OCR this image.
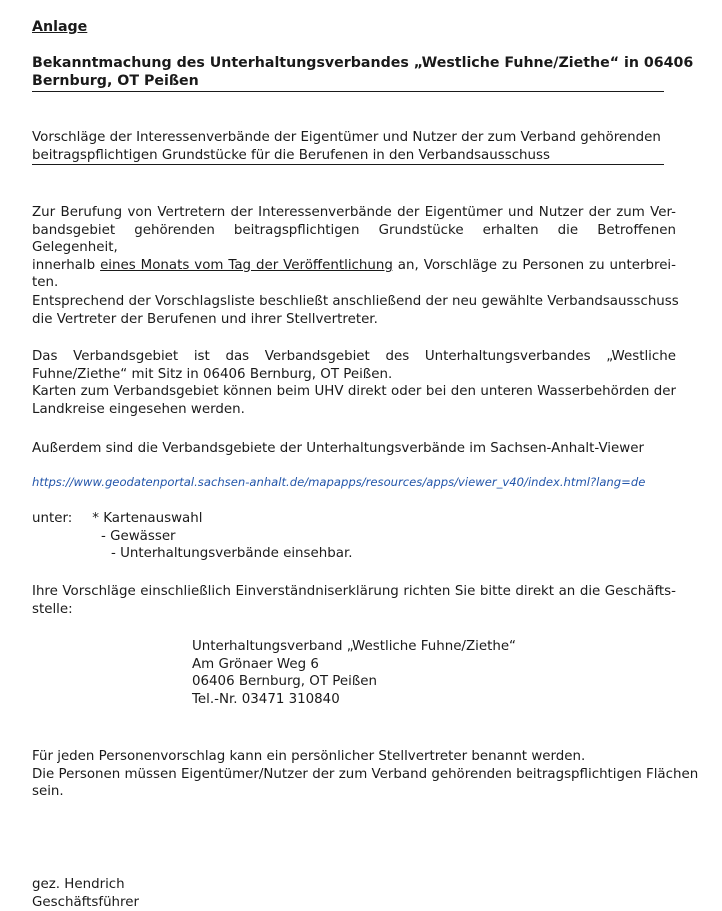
Anlage
Bekanntmachung des Unterhaltungsverbandes „Westliche Fuhne/Ziethe“ in 06406
Bernburg, OT Peißen
Vorschläge der Interessenverbände der Eigentümer und Nutzer der zum Verband gehörenden
beitragspflichtigen Grundstücke für die Berufenen in den Verbandsausschuss
Zur Berufung von Vertretern der Interessenverbände der Eigentümer und Nutzer der zum Ver-
bandsgebiet gehörenden beitragspflichtigen Grundstücke erhalten die Betroffenen Gelegenheit,
innerhalb eines Monats vom Tag der Veröffentlichung an, Vorschläge zu Personen zu unterbrei-
ten.
Entsprechend der Vorschlagsliste beschließt anschließend der neu gewählte Verbandsausschuss
die Vertreter der Berufenen und ihrer Stellvertreter.
Das Verbandsgebiet ist das Verbandsgebiet des Unterhaltungsverbandes „Westliche
Fuhne/Ziethe“ mit Sitz in 06406 Bernburg, OT Peißen.
Karten zum Verbandsgebiet können beim UHV direkt oder bei den unteren Wasserbehörden der
Landkreise eingesehen werden.
Außerdem sind die Verbandsgebiete der Unterhaltungsverbände im Sachsen-Anhalt-Viewer
https://www.geodatenportal.sachsen-anhalt.de/mapapps/resources/apps/viewer_v40/index.html?lang=de
unter: * Kartenauswahl
- Gewässer
- Unterhaltungsverbände einsehbar.
Ihre Vorschläge einschließlich Einverständniserklärung richten Sie bitte direkt an die Geschäfts-
stelle:
Unterhaltungsverband „Westliche Fuhne/Ziethe“
Am Grönaer Weg 6
06406 Bernburg, OT Peißen
Tel.-Nr. 03471 310840
Für jeden Personenvorschlag kann ein persönlicher Stellvertreter benannt werden.
Die Personen müssen Eigentümer/Nutzer der zum Verband gehörenden beitragspflichtigen Flächen
sein.
gez. Hendrich
Geschäftsführer
